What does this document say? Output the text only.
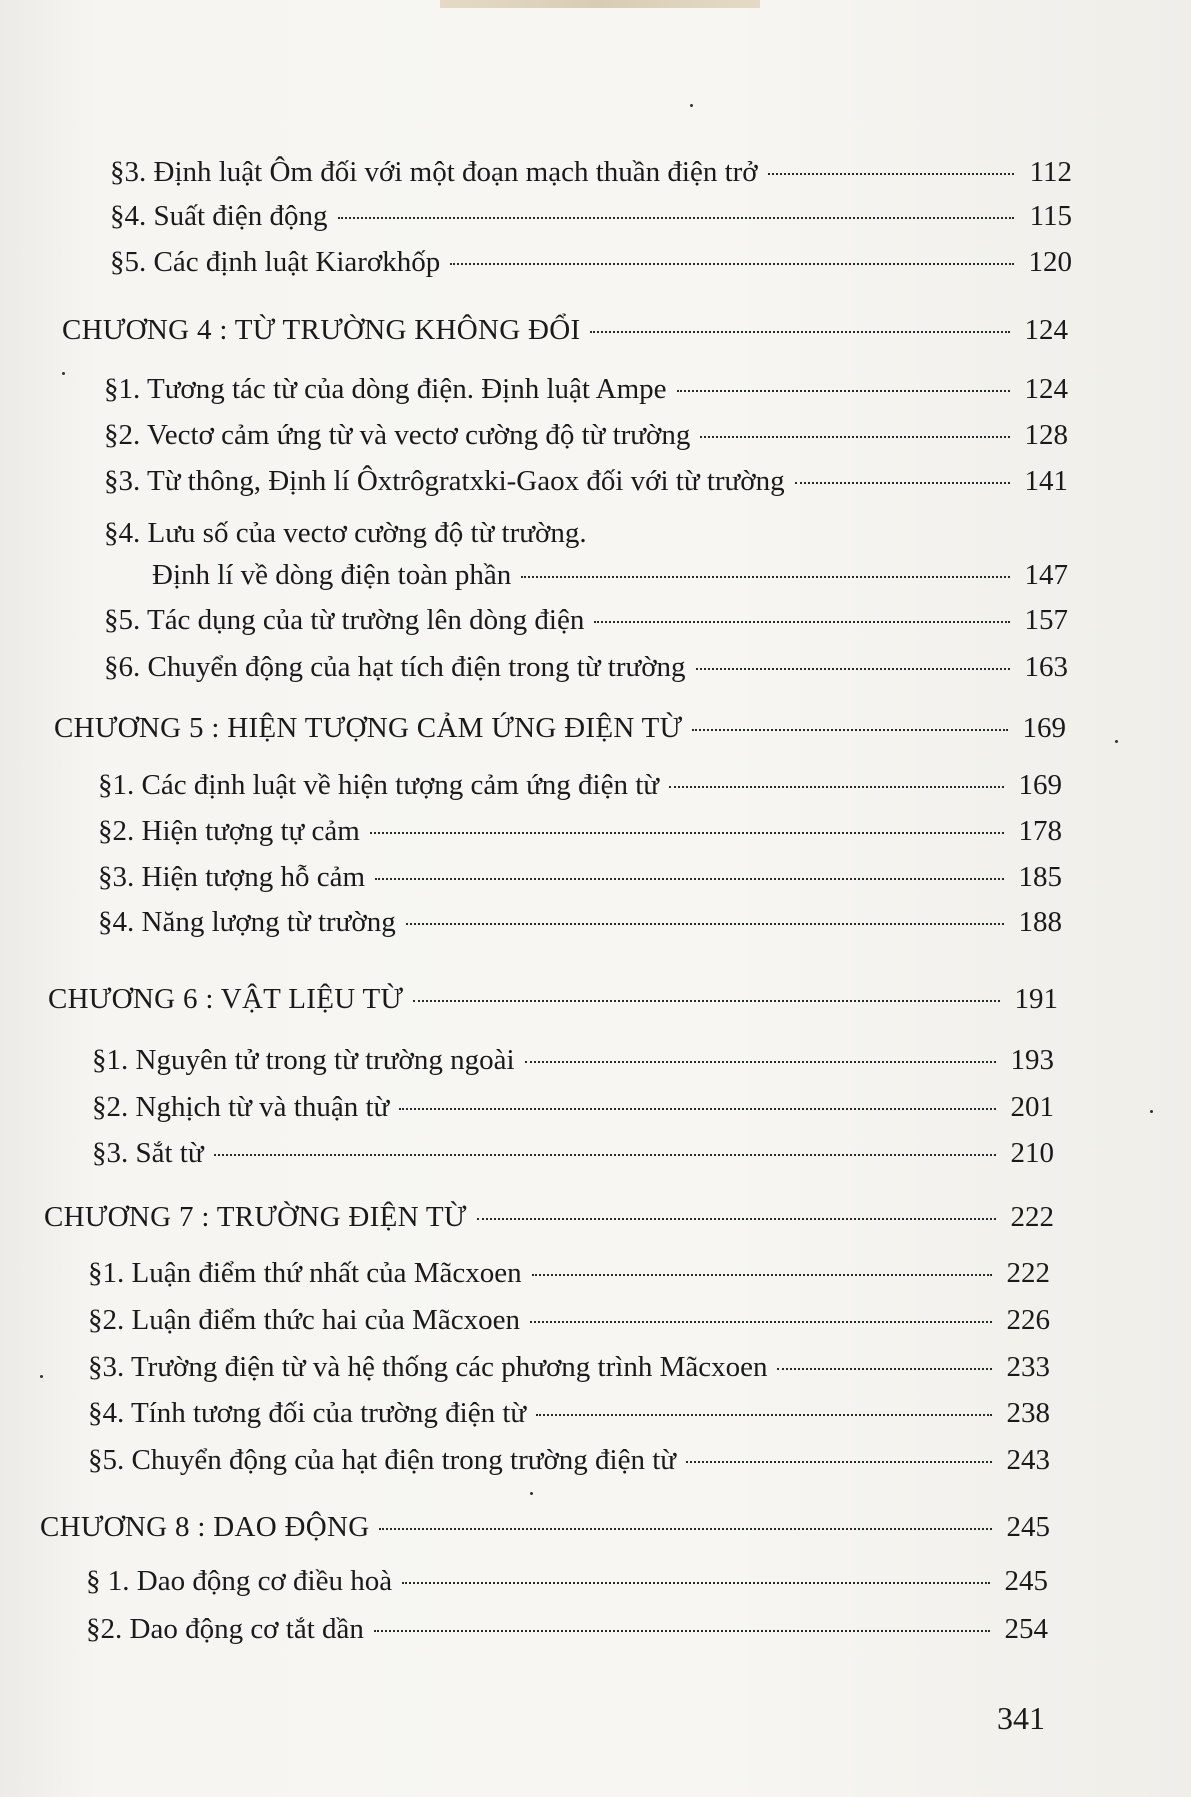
§3. Định luật Ôm đối với một đoạn mạch thuần điện trở	112
§4. Suất điện động	115
§5. Các định luật Kiarơkhốp	120
CHƯƠNG 4 : TỪ TRƯỜNG KHÔNG ĐỔI	124
§1. Tương tác từ của dòng điện. Định luật Ampe	124
§2. Vectơ cảm ứng từ và vectơ cường độ từ trường	128
§3. Từ thông, Định lí Ôxtrôgratxki-Gaox đối với từ trường	141
§4. Lưu số của vectơ cường độ từ trường.
Định lí về dòng điện toàn phần	147
§5. Tác dụng của từ trường lên dòng điện	157
§6. Chuyển động của hạt tích điện trong từ trường	163
CHƯƠNG 5 : HIỆN TƯỢNG CẢM ỨNG ĐIỆN TỪ	169
§1. Các định luật về hiện tượng cảm ứng điện từ	169
§2. Hiện tượng tự cảm	178
§3. Hiện tượng hỗ cảm	185
§4. Năng lượng từ trường	188
CHƯƠNG 6 : VẬT LIỆU TỪ	191
§1. Nguyên tử trong từ trường ngoài	193
§2. Nghịch từ và thuận từ	201
§3. Sắt từ	210
CHƯƠNG 7 : TRƯỜNG ĐIỆN TỪ	222
§1. Luận điểm thứ nhất của Mãcxoen	222
§2. Luận điểm thức hai của Mãcxoen	226
§3. Trường điện từ và hệ thống các phương trình Mãcxoen	233
§4. Tính tương đối của trường điện từ	238
§5. Chuyển động của hạt điện trong trường điện từ	243
CHƯƠNG 8 : DAO ĐỘNG	245
§ 1. Dao động cơ điều hoà	245
§2. Dao động cơ tắt dần	254
341
